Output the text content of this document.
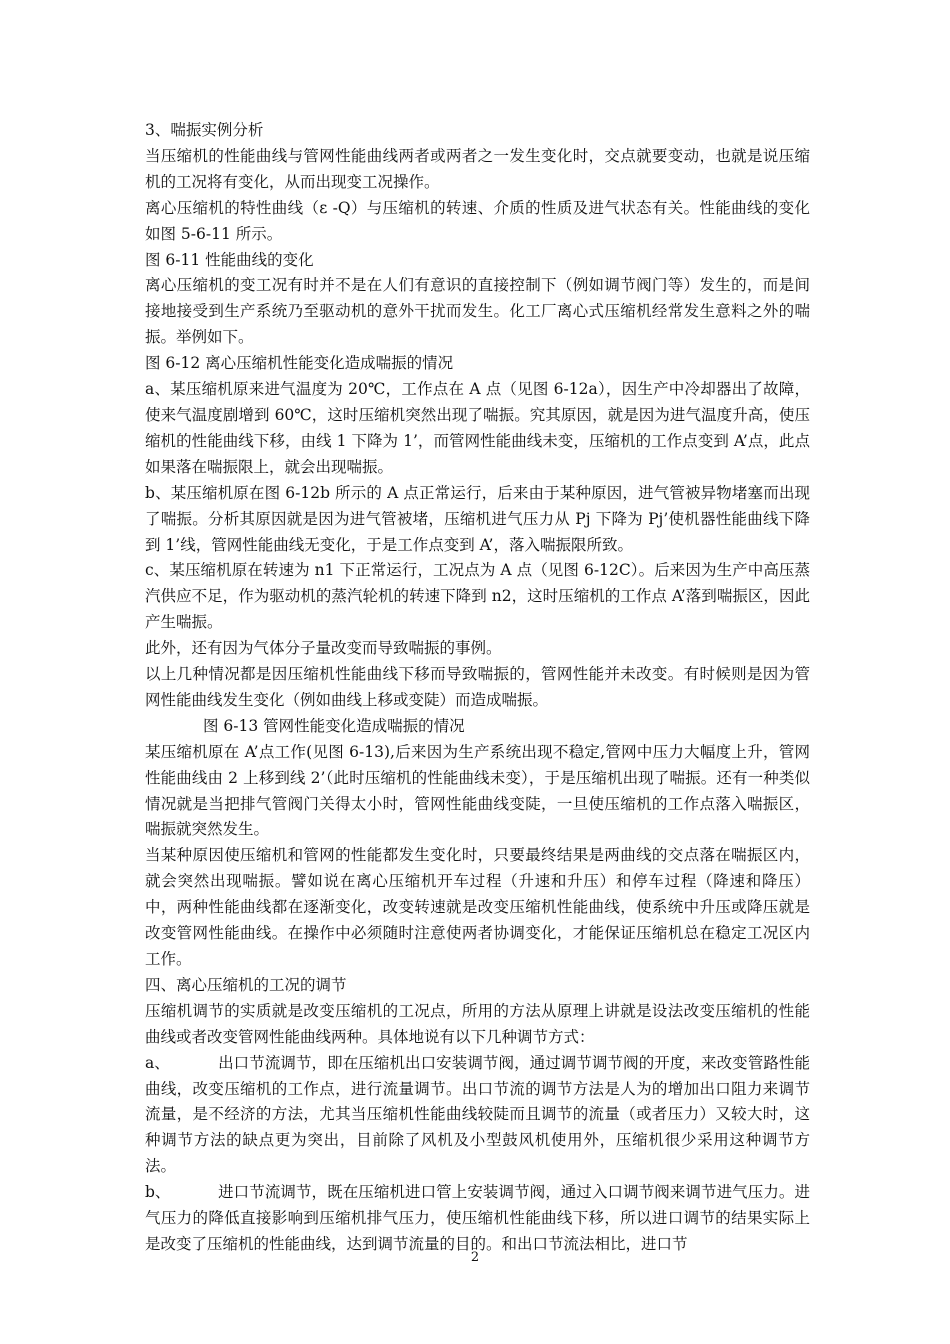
3、喘振实例分析

当压缩机的性能曲线与管网性能曲线两者或两者之一发生变化时，交点就要变动，也就是说压缩机的工况将有变化，从而出现变工况操作。

离心压缩机的特性曲线（ε -Q）与压缩机的转速、介质的性质及进气状态有关。性能曲线的变化如图 5-6-11 所示。

图 6-11 性能曲线的变化

离心压缩机的变工况有时并不是在人们有意识的直接控制下（例如调节阀门等）发生的，而是间接地接受到生产系统乃至驱动机的意外干扰而发生。化工厂离心式压缩机经常发生意料之外的喘振。举例如下。

图 6-12 离心压缩机性能变化造成喘振的情况

a、某压缩机原来进气温度为 20℃，工作点在 A 点（见图 6-12a），因生产中冷却器出了故障，使来气温度剧增到 60℃，这时压缩机突然出现了喘振。究其原因，就是因为进气温度升高，使压缩机的性能曲线下移，由线 1 下降为 1’，而管网性能曲线未变，压缩机的工作点变到 A’点，此点如果落在喘振限上，就会出现喘振。

b、某压缩机原在图 6-12b 所示的 A 点正常运行，后来由于某种原因，进气管被异物堵塞而出现了喘振。分析其原因就是因为进气管被堵，压缩机进气压力从 Pj 下降为 Pj’使机器性能曲线下降到 1’线，管网性能曲线无变化，于是工作点变到 A’，落入喘振限所致。

c、某压缩机原在转速为 n1 下正常运行，工况点为 A 点（见图 6-12C）。后来因为生产中高压蒸汽供应不足，作为驱动机的蒸汽轮机的转速下降到 n2，这时压缩机的工作点 A’落到喘振区，因此产生喘振。

此外，还有因为气体分子量改变而导致喘振的事例。

以上几种情况都是因压缩机性能曲线下移而导致喘振的，管网性能并未改变。有时候则是因为管网性能曲线发生变化（例如曲线上移或变陡）而造成喘振。

图 6-13 管网性能变化造成喘振的情况

某压缩机原在 A’点工作(见图 6-13),后来因为生产系统出现不稳定,管网中压力大幅度上升，管网性能曲线由 2 上移到线 2’（此时压缩机的性能曲线未变），于是压缩机出现了喘振。还有一种类似情况就是当把排气管阀门关得太小时，管网性能曲线变陡，一旦使压缩机的工作点落入喘振区，喘振就突然发生。

当某种原因使压缩机和管网的性能都发生变化时，只要最终结果是两曲线的交点落在喘振区内，就会突然出现喘振。譬如说在离心压缩机开车过程（升速和升压）和停车过程（降速和降压）中，两种性能曲线都在逐渐变化，改变转速就是改变压缩机性能曲线，使系统中升压或降压就是改变管网性能曲线。在操作中必须随时注意使两者协调变化，才能保证压缩机总在稳定工况区内工作。

四、离心压缩机的工况的调节

压缩机调节的实质就是改变压缩机的工况点，所用的方法从原理上讲就是设法改变压缩机的性能曲线或者改变管网性能曲线两种。具体地说有以下几种调节方式：

a、	出口节流调节，即在压缩机出口安装调节阀，通过调节调节阀的开度，来改变管路性能曲线，改变压缩机的工作点，进行流量调节。出口节流的调节方法是人为的增加出口阻力来调节流量，是不经济的方法，尤其当压缩机性能曲线较陡而且调节的流量（或者压力）又较大时，这种调节方法的缺点更为突出，目前除了风机及小型鼓风机使用外，压缩机很少采用这种调节方法。

b、	进口节流调节，既在压缩机进口管上安装调节阀，通过入口调节阀来调节进气压力。进气压力的降低直接影响到压缩机排气压力，使压缩机性能曲线下移，所以进口调节的结果实际上是改变了压缩机的性能曲线，达到调节流量的目的。和出口节流法相比，进口节

2
